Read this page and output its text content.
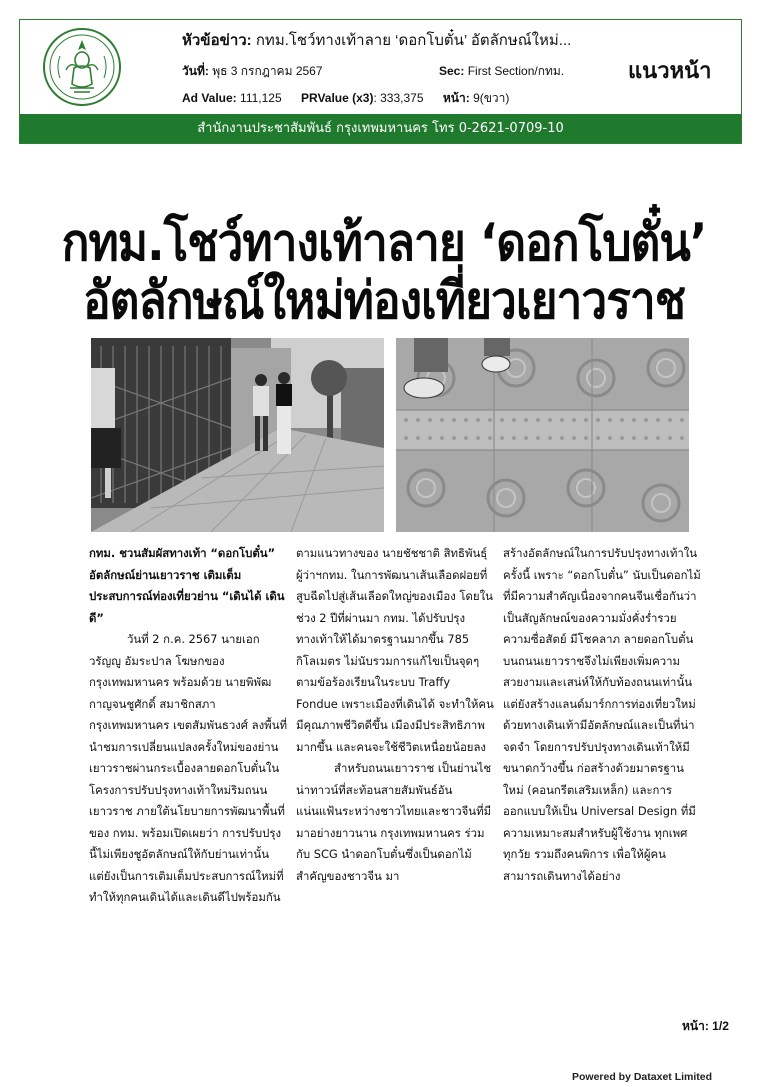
หัวข้อข่าว: กทม.โชว์ทางเท้าลาย ‘ดอกโบตั๋น’ อัตลักษณ์ใหม่...
วันที่: พุธ 3 กรกฎาคม 2567	Sec: First Section/กทม.
Ad Value: 111,125 PRValue (x3): 333,375 หน้า: 9(ขวา)
แนวหน้า
สำนักงานประชาสัมพันธ์ กรุงเทพมหานคร โทร 0-2621-0709-10
กทม.โชว์ทางเท้าลาย ‘ดอกโบตั๋น’
อัตลักษณ์ใหม่ท่องเที่ยวเยาวราช

กทม. ชวนสัมผัสทางเท้า “ดอกโบตั๋น” อัตลักษณ์ย่านเยาวราช เติมเต็มประสบการณ์ท่องเที่ยวย่าน “เดินได้ เดินดี”

วันที่ 2 ก.ค. 2567 นายเอกวรัญญู อัมระปาล โฆษกของกรุงเทพมหานคร พร้อมด้วย นายพิพัฒ กาญจนชูศักดิ์ สมาชิกสภากรุงเทพมหานคร เขตสัมพันธวงศ์ ลงพื้นที่นำชมการเปลี่ยนแปลงครั้งใหม่ของย่านเยาวราชผ่านกระเบื้องลายดอกโบตั๋นในโครงการปรับปรุงทางเท้าใหม่ริมถนนเยาวราช ภายใต้นโยบายการพัฒนาพื้นที่ของ กทม. พร้อมเปิดเผยว่า การปรับปรุงนี้ไม่เพียงชูอัตลักษณ์ให้กับย่านเท่านั้น แต่ยังเป็นการเติมเต็มประสบการณ์ใหม่ที่ทำให้ทุกคนเดินได้และเดินดีไปพร้อมกัน

ตามแนวทางของ นายชัชชาติ สิทธิพันธุ์ ผู้ว่าฯกทม. ในการพัฒนาเส้นเลือดฝอยที่สูบฉีดไปสู่เส้นเลือดใหญ่ของเมือง โดยในช่วง 2 ปีที่ผ่านมา กทม. ได้ปรับปรุงทางเท้าให้ได้มาตรฐานมากขึ้น 785 กิโลเมตร ไม่นับรวมการแก้ไขเป็นจุดๆ ตามข้อร้องเรียนในระบบ Traffy Fondue เพราะเมืองที่เดินได้ จะทำให้คนมีคุณภาพชีวิตดีขึ้น เมืองมีประสิทธิภาพมากขึ้น และคนจะใช้ชีวิตเหนื่อยน้อยลง

สำหรับถนนเยาวราช เป็นย่านไชน่าทาวน์ที่สะท้อนสายสัมพันธ์อันแน่นแฟ้นระหว่างชาวไทยและชาวจีนที่มีมาอย่างยาวนาน กรุงเทพมหานคร ร่วมกับ SCG นำดอกโบตั๋นซึ่งเป็นดอกไม้สำคัญของชาวจีน มา

สร้างอัตลักษณ์ในการปรับปรุงทางเท้าในครั้งนี้ เพราะ “ดอกโบตั๋น” นับเป็นดอกไม้ที่มีความสำคัญเนื่องจากคนจีนเชื่อกันว่าเป็นสัญลักษณ์ของความมั่งคั่งร่ำรวย ความซื่อสัตย์ มีโชคลาภ ลายดอกโบตั๋นบนถนนเยาวราชจึงไม่เพียงเพิ่มความสวยงามและเสน่ห์ให้กับท้องถนนเท่านั้น แต่ยังสร้างแลนด์มาร์กการท่องเที่ยวใหม่ ด้วยทางเดินเท้ามีอัตลักษณ์และเป็นที่น่าจดจำ โดยการปรับปรุงทางเดินเท้าให้มีขนาดกว้างขึ้น ก่อสร้างด้วยมาตรฐานใหม่ (คอนกรีตเสริมเหล็ก) และการออกแบบให้เป็น Universal Design ที่มีความเหมาะสมสำหรับผู้ใช้งาน ทุกเพศทุกวัย รวมถึงคนพิการ เพื่อให้ผู้คนสามารถเดินทางได้อย่าง

หน้า: 1/2
Powered by Dataxet Limited
